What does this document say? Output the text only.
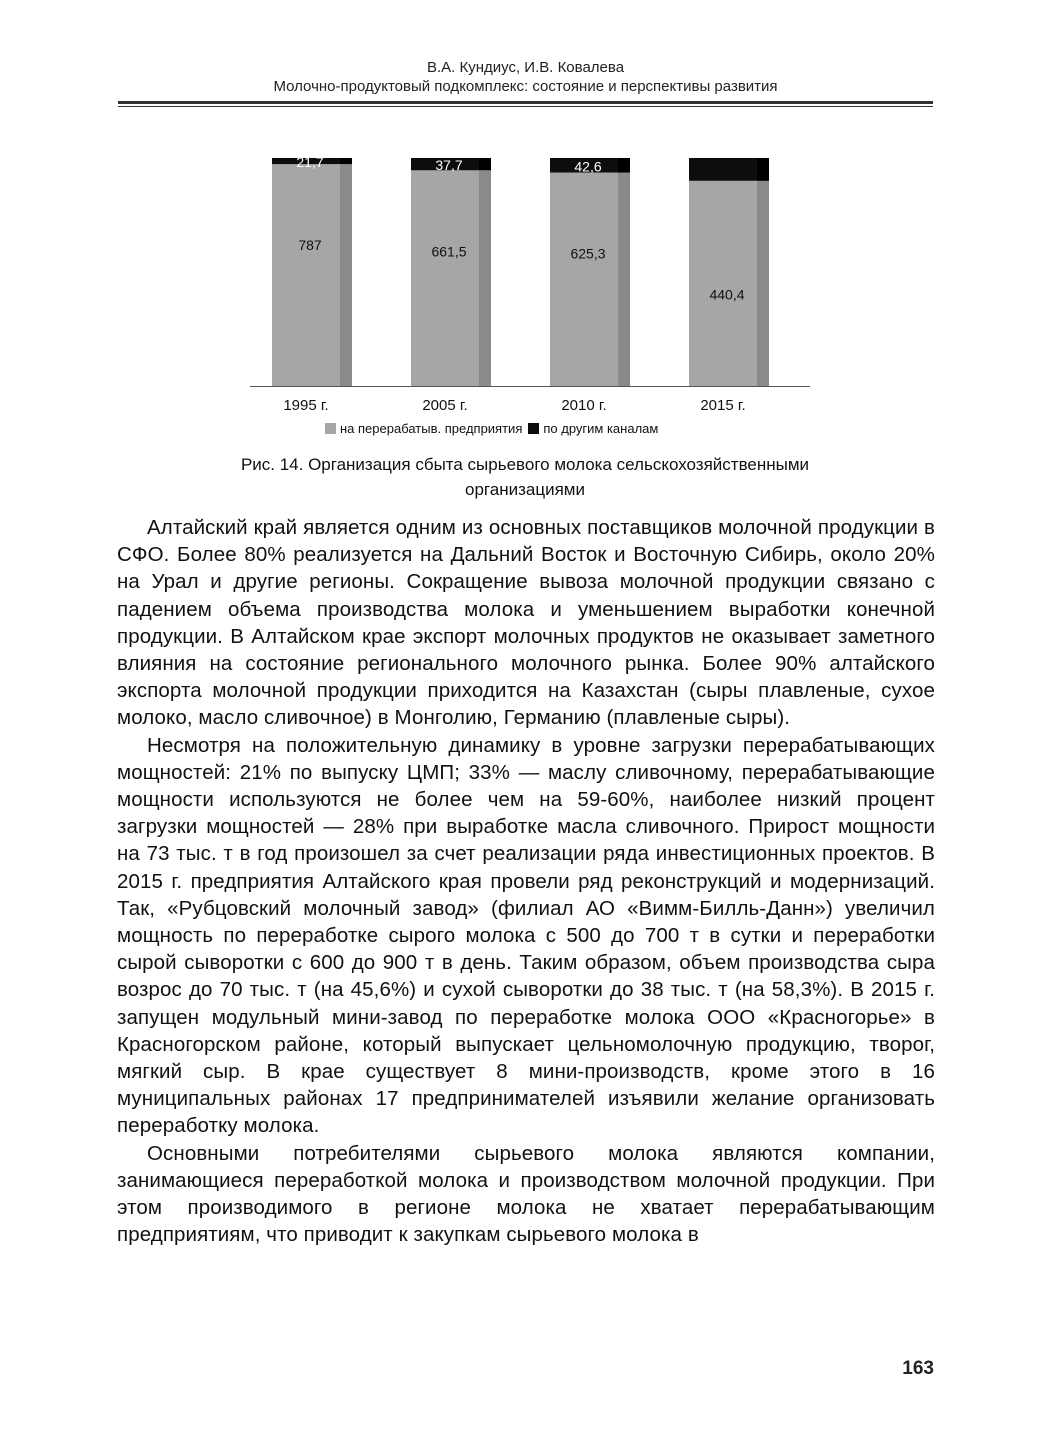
В.А. Кундиус, И.В. Ковалева
Молочно-продуктовый подкомплекс: состояние и перспективы развития
787
21,7
1995 г.
661,5
37,7
2005 г.
625,3
42,6
2010 г.
440,4
49
2015 г.
на перерабатыв. предприятия по другим каналам
Рис. 14. Организация сбыта сырьевого молока сельскохозяйственными
организациями

Алтайский край является одним из основных поставщиков молочной продукции в СФО. Более 80% реализуется на Дальний Восток и Восточную Сибирь, около 20% на Урал и другие регионы. Сокращение вывоза молочной продукции связано с падением объема производства молока и уменьшением выработки конечной продукции. В Алтайском крае экспорт молочных продуктов не оказывает заметного влияния на состояние регионального молочного рынка. Более 90% алтайского экспорта молочной продукции приходится на Казахстан (сыры плавленые, сухое молоко, масло сливочное) в Монголию, Германию (плавленые сыры).

Несмотря на положительную динамику в уровне загрузки перерабатывающих мощностей: 21% по выпуску ЦМП; 33% — маслу сливочному, перерабатывающие мощности используются не более чем на 59-60%, наиболее низкий процент загрузки мощностей — 28% при выработке масла сливочного. Прирост мощности на 73 тыс. т в год произошел за счет реализации ряда инвестиционных проектов. В 2015 г. предприятия Алтайского края провели ряд реконструкций и модернизаций. Так, «Рубцовский молочный завод» (филиал АО «Вимм-Билль-Данн») увеличил мощность по переработке сырого молока с 500 до 700 т в сутки и переработки сырой сыворотки с 600 до 900 т в день. Таким образом, объем производства сыра возрос до 70 тыс. т (на 45,6%) и сухой сыворотки до 38 тыс. т (на 58,3%). В 2015 г. запущен модульный мини-завод по переработке молока ООО «Красногорье» в Красногорском районе, который выпускает цельномолочную продукцию, творог, мягкий сыр. В крае существует 8 мини-производств, кроме этого в 16 муниципальных районах 17 предпринимателей изъявили желание организовать переработку молока.

Основными потребителями сырьевого молока являются компании, занимающиеся переработкой молока и производством молочной продукции. При этом производимого в регионе молока не хватает перерабатывающим предприятиям, что приводит к закупкам сырьевого молока в

163
